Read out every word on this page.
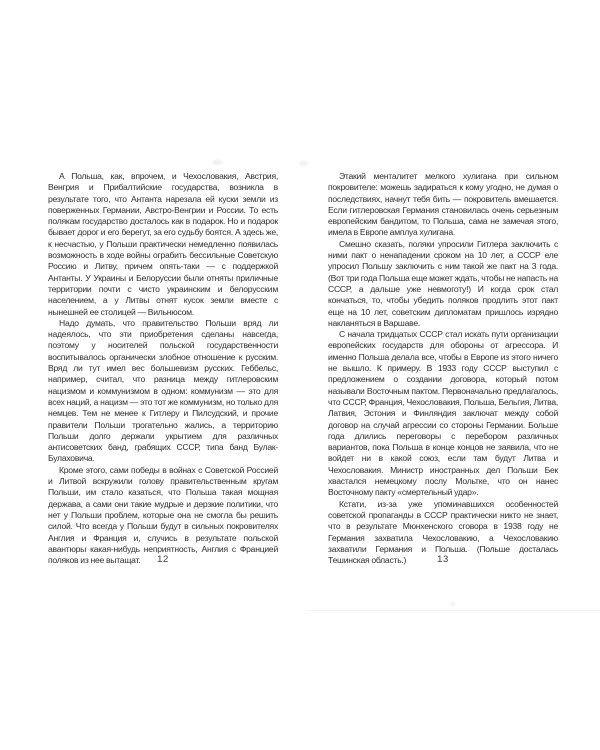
А Польша, как, впрочем, и Чехословакия, Австрия, Венгрия и Прибалтийские государства, возникла в результате того, что Антанта нарезала ей куски земли из поверженных Германии, Австро-Венгрии и России. То есть полякам государство досталось как в подарок. Но и подарок бывает дорог и его берегут, за его судьбу боятся. А здесь же, к несчастью, у Польши практически немедленно появилась возможность в ходе войны ограбить бессильные Советскую Россию и Литву, причем опять-таки — с поддержкой Антанты. У Украины и Белоруссии были отняты приличные территории почти с чисто украинским и белорусским населением, а у Литвы отнят кусок земли вместе с нынешней ее столицей — Вильнюсом.

Надо думать, что правительство Польши вряд ли надеялось, что эти приобретения сделаны навсегда, поэтому у носителей польской государственности воспитывалось органически злобное отношение к русским. Вряд ли тут имел вес большевизм русских. Геббельс, например, считал, что разница между гитлеровским нацизмом и коммунизмом в одном: коммунизм — это для всех наций, а нацизм — это тот же коммунизм, но только для немцев. Тем не менее к Гитлеру и Пилсудский, и прочие правители Польши трогательно жались, а территорию Польши долго держали укрытием для различных антисоветских банд, грабящих СССР, типа банд Булак-Булаховича.

Кроме этого, сами победы в войнах с Советской Россией и Литвой вскружили голову правительственным кругам Польши, им стало казаться, что Польша такая мощная держава, а сами они такие мудрые и дерзкие политики, что нет у Польши проблем, которые она не смогла бы решить силой. Что всегда у Польши будут в сильных покровителях Англия и Франция и, случись в результате польской авантюры какая-нибудь неприятность, Англия с Францией поляков из нее вытащат.	12

Этакий менталитет мелкого хулигана при сильном покровителе: можешь задираться к кому угодно, не думая о последствиях, начнут тебя бить — покровитель вмешается. Если гитлеровская Германия становилась очень серьезным европейским бандитом, то Польша, сама не замечая этого, имела в Европе амплуа хулигана.

Смешно сказать, поляки упросили Гитлера заключить с ними пакт о ненападении сроком на 10 лет, а СССР еле упросил Польшу заключить с ним такой же пакт на 3 года. (Вот три года Польша еще может ждать, чтобы не напасть на СССР, а дальше уже невмоготу!) И когда срок стал кончаться, то, чтобы убедить поляков продлить этот пакт еще на 10 лет, советским дипломатам пришлось изрядно накланяться в Варшаве.

С начала тридцатых СССР стал искать пути организации европейских государств для обороны от агрессора. И именно Польша делала все, чтобы в Европе из этого ничего не вышло. К примеру. В 1933 году СССР выступил с предложением о создании договора, который потом называли Восточным пактом. Первоначально предлагалось, что СССР, Франция, Чехословакия, Польша, Бельгия, Литва, Латвия, Эстония и Финляндия заключат между собой договор на случай агрессии со стороны Германии. Больше года длились переговоры с перебором различных вариантов, пока Польша в конце концов не заявила, что не войдет ни в какой союз, если там будут Литва и Чехословакия. Министр иностранных дел Польши Бек хвастался немецкому послу Мольтке, что он нанес Восточному пакту «смертельный удар».

Кстати, из-за уже упоминавшихся особенностей советской пропаганды в СССР практически никто не знает, что в результате Мюнхенского сговора в 1938 году не Германия захватила Чехословакию, а Чехословакию захватили Германия и Польша. (Польше досталась Тешинская область.)	13
